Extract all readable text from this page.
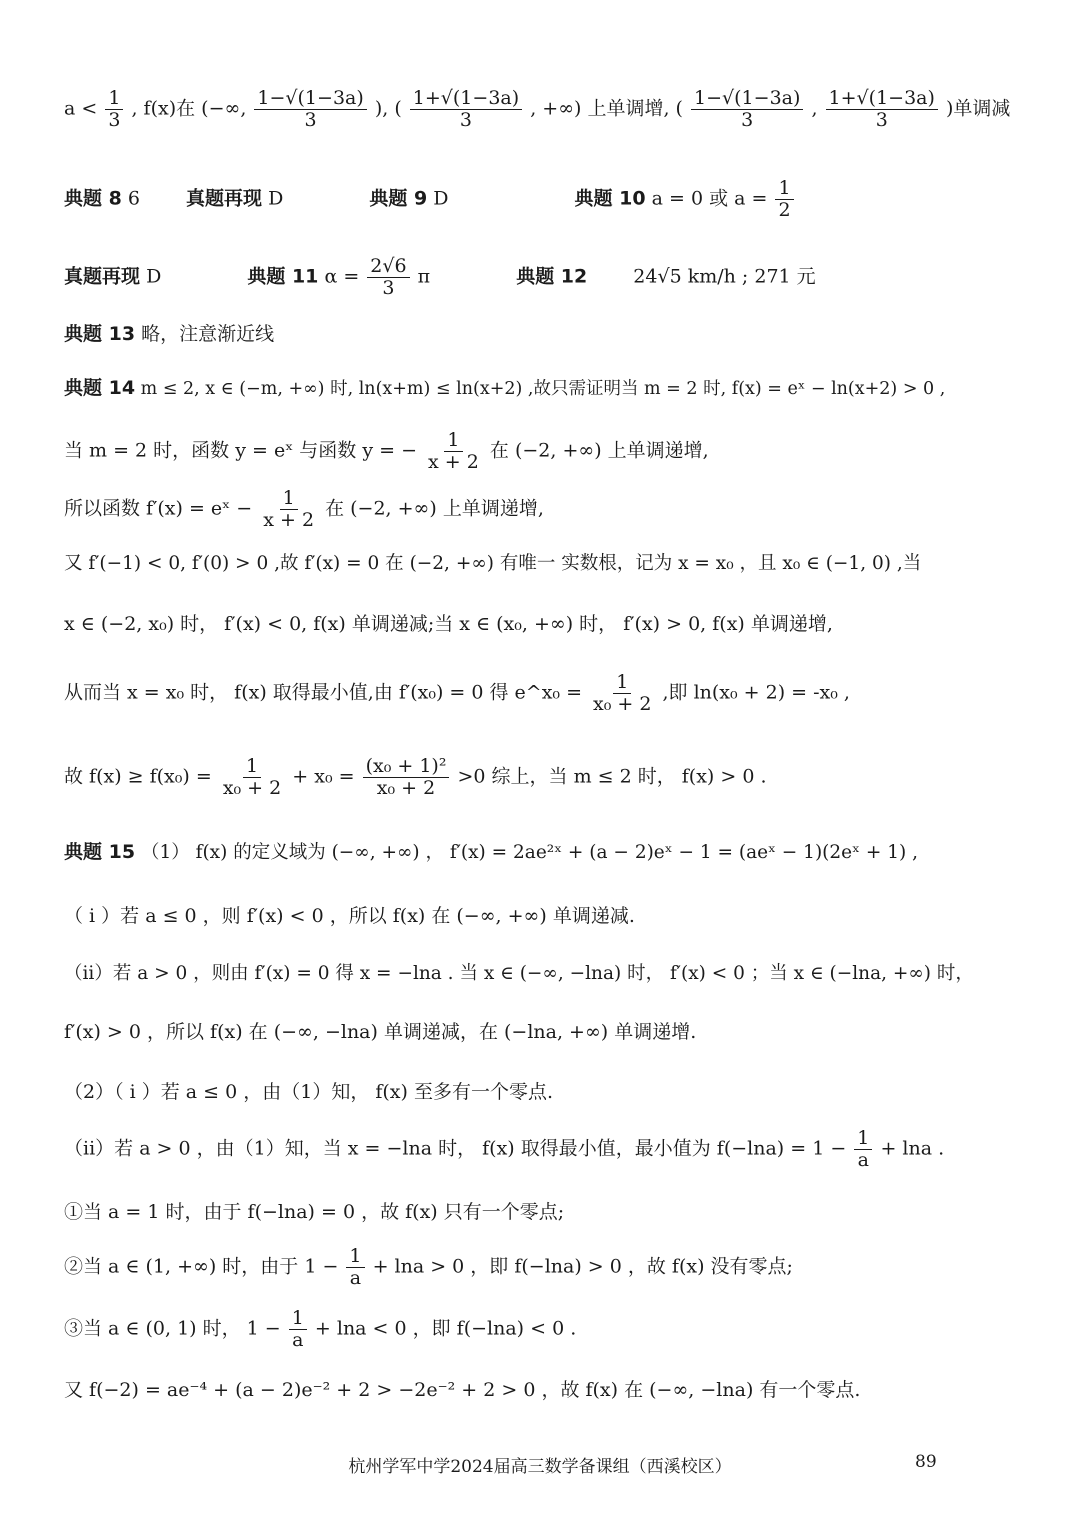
$a < \frac{1}{3}$ , f(x)在 (−∞, $\frac{1-√(1-3a)}{3}$ ), ( $\frac{1+√(1-3a)}{3}$ , +∞) 上单调增, ( $\frac{1-√(1-3a)}{3}$ , $\frac{1+√(1-3a)}{3}$ )单调减
典题 8 6 真题再现 D	典题 9 D	典题 10 a = 0 或 $a = \frac{1}{2}$
真题再现 D	典题 11 $\alpha = \frac{2√6}{3}$ π	典题 12 24√5 km/h ; 271 元
典题 13 略，注意渐近线
典题 14 m ≤ 2, x ∈ (−m, +∞) 时, ln(x+m) ≤ ln(x+2) ,故只需证明当 m = 2 时, f(x) = eˣ − ln(x+2) > 0 ,
当 m = 2 时，函数 y = eˣ 与函数 y = − $\frac{1}{x + 2}$ 在 (−2, +∞) 上单调递增,
所以函数 f′(x) = eˣ − $\frac{1}{x + 2}$ 在 (−2, +∞) 上单调递增,
又 f′(−1) < 0, f′(0) > 0 ,故 f′(x) = 0 在 (−2, +∞) 有唯一 实数根，记为 x = x₀ ，且 x₀ ∈ (−1, 0) ,当
x ∈ (−2, x₀) 时， f′(x) < 0, f(x) 单调递减;当 x ∈ (x₀, +∞) 时， f′(x) > 0, f(x) 单调递增,
从而当 x = x₀ 时， f(x) 取得最小值,由 f′(x₀) = 0 得 e^x₀ = $\frac{1}{\text{x₀ + 2}}$ ,即 ln(x₀ + 2) = -x₀ ,
故 $f(x) \ge f(x_0) = \frac{1}{\text{x₀ + 2}} + x_0 = \frac{\text{(x₀ + 1)²}}{\text{x₀ + 2}} >0$ 综上，当 m ≤ 2 时， f(x) > 0 .
典题 15 （1） f(x) 的定义域为 (−∞, +∞) ， f′(x) = 2ae²ˣ + (a − 2)eˣ − 1 = (aeˣ − 1)(2eˣ + 1) ,
（ i ）若 a ≤ 0 ，则 f′(x) < 0 ，所以 f(x) 在 (−∞, +∞) 单调递减.
（ii）若 a > 0 ，则由 f′(x) = 0 得 x = −lna . 当 x ∈ (−∞, −lna) 时， f′(x) < 0 ；当 x ∈ (−lna, +∞) 时，
f′(x) > 0 ，所以 f(x) 在 (−∞, −lna) 单调递减，在 (−lna, +∞) 单调递增.
（2）（ i ）若 a ≤ 0 ，由（1）知， f(x) 至多有一个零点.
（ii）若 a > 0 ，由（1）知，当 x = −lna 时， f(x) 取得最小值，最小值为 $f(-\ln a) = 1 - \frac{1}{a} + \ln a$ .
①当 a = 1 时，由于 f(−lna) = 0 ，故 f(x) 只有一个零点;
②当 a ∈ (1, +∞) 时，由于 $1 - \frac{1}{a} + \ln a > 0$ ，即 f(−lna) > 0 ，故 f(x) 没有零点;
③当 a ∈ (0, 1) 时， $1 - \frac{1}{a} + \ln a < 0$ ，即 f(−lna) < 0 .
又 f(−2) = ae⁻⁴ + (a − 2)e⁻² + 2 > −2e⁻² + 2 > 0 ，故 f(x) 在 (−∞, −lna) 有一个零点.
杭州学军中学2024届高三数学备课组（西溪校区）	89
